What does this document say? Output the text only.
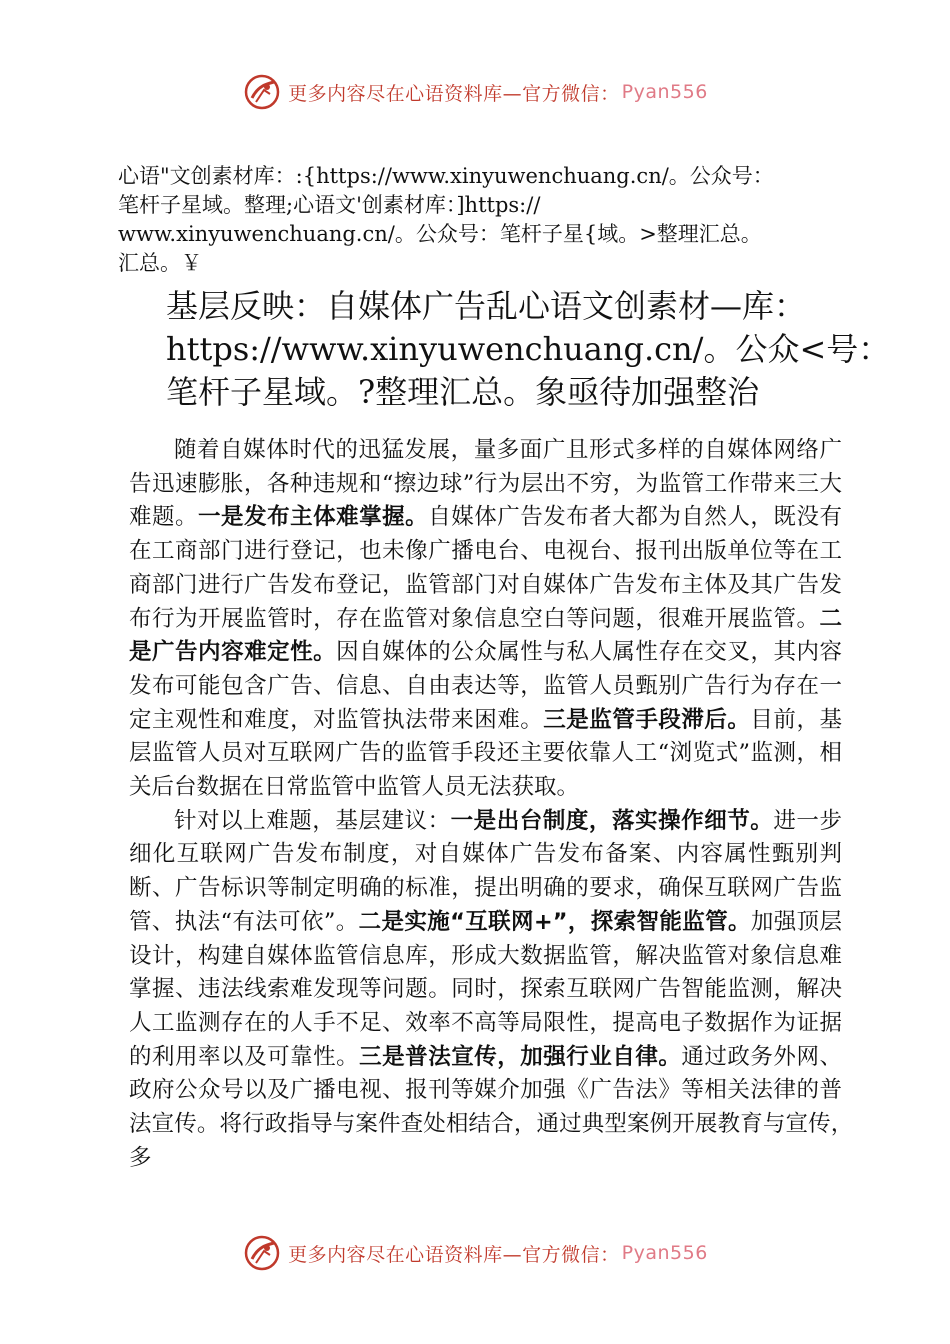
更多内容尽在心语资料库—官方微信： Pyan556
心语"文创素材库：:{https://www.xinyuwenchuang.cn/。公众号：
笔杆子星域。整理;心语文'创素材库：]https://
www.xinyuwenchuang.cn/。公众号：笔杆子星{域。>整理汇总。
汇总。￥
基层反映：自媒体广告乱心语文创素材—库：
https://www.xinyuwenchuang.cn/。公众<号：
笔杆子星域。?整理汇总。象亟待加强整治

随着自媒体时代的迅猛发展，量多面广且形式多样的自媒体网络广告迅速膨胀，各种违规和“擦边球”行为层出不穷，为监管工作带来三大难题。一是发布主体难掌握。自媒体广告发布者大都为自然人，既没有在工商部门进行登记，也未像广播电台、电视台、报刊出版单位等在工商部门进行广告发布登记，监管部门对自媒体广告发布主体及其广告发布行为开展监管时，存在监管对象信息空白等问题，很难开展监管。二是广告内容难定性。因自媒体的公众属性与私人属性存在交叉，其内容发布可能包含广告、信息、自由表达等，监管人员甄别广告行为存在一定主观性和难度，对监管执法带来困难。三是监管手段滞后。目前，基层监管人员对互联网广告的监管手段还主要依靠人工“浏览式”监测，相关后台数据在日常监管中监管人员无法获取。

针对以上难题，基层建议：一是出台制度，落实操作细节。进一步细化互联网广告发布制度，对自媒体广告发布备案、内容属性甄别判断、广告标识等制定明确的标准，提出明确的要求，确保互联网广告监管、执法“有法可依”。二是实施“互联网+”，探索智能监管。加强顶层设计，构建自媒体监管信息库，形成大数据监管，解决监管对象信息难掌握、违法线索难发现等问题。同时，探索互联网广告智能监测，解决人工监测存在的人手不足、效率不高等局限性，提高电子数据作为证据的利用率以及可靠性。三是普法宣传，加强行业自律。通过政务外网、政府公众号以及广播电视、报刊等媒介加强《广告法》等相关法律的普法宣传。将行政指导与案件查处相结合，通过典型案例开展教育与宣传，　多

更多内容尽在心语资料库—官方微信： Pyan556
